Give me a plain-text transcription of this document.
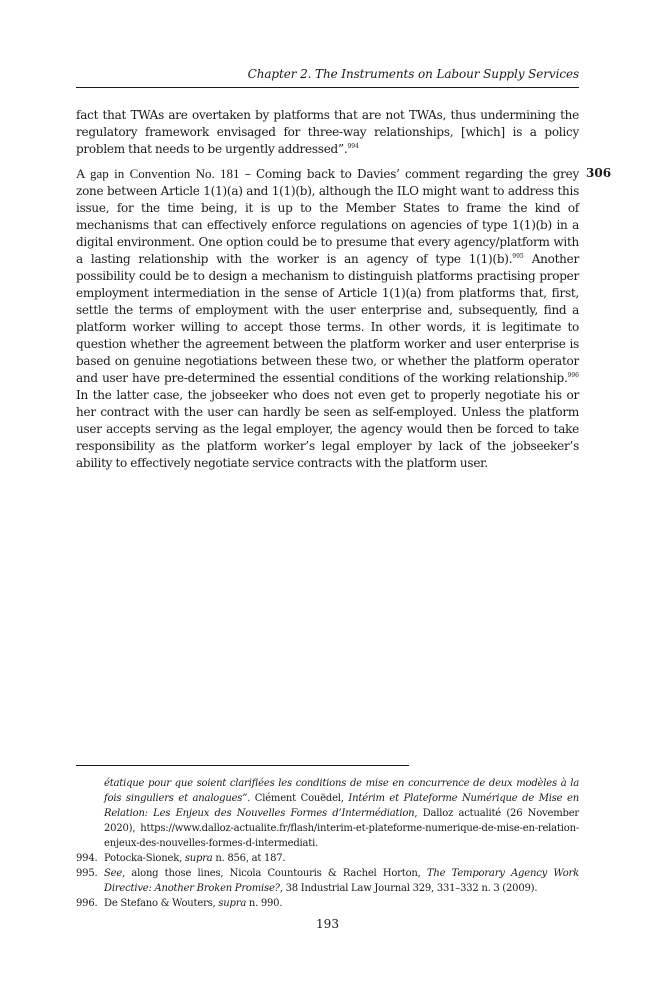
Chapter 2. The Instruments on Labour Supply Services
fact that TWAs are overtaken by platforms that are not TWAs, thus undermining the regulatory framework envisaged for three-way relationships, [which] is a policy problem that needs to be urgently addressed”.$^{994}$
306
A gap in Convention No. 181 – Coming back to Davies’ comment regarding the grey zone between Article 1(1)(a) and 1(1)(b), although the ILO might want to address this issue, for the time being, it is up to the Member States to frame the kind of mechanisms that can effectively enforce regulations on agencies of type 1(1)(b) in a digital environment. One option could be to presume that every agency/platform with a lasting relationship with the worker is an agency of type 1(1)(b).$^{995}$ Another possibility could be to design a mechanism to distinguish platforms practising proper employment intermediation in the sense of Article 1(1)(a) from platforms that, first, settle the terms of employment with the user enterprise and, subsequently, find a platform worker willing to accept those terms. In other words, it is legitimate to question whether the agreement between the platform worker and user enterprise is based on genuine negotiations between these two, or whether the platform operator and user have pre-determined the essential conditions of the working relationship.$^{996}$ In the latter case, the jobseeker who does not even get to properly negotiate his or her contract with the user can hardly be seen as self-employed. Unless the platform user accepts serving as the legal employer, the agency would then be forced to take responsibility as the platform worker’s legal employer by lack of the jobseeker’s ability to effectively negotiate service contracts with the platform user.
étatique pour que soient clarifiées les conditions de mise en concurrence de deux modèles à la fois singuliers et analogues”. Clément Couëdel, Intérim et Plateforme Numérique de Mise en Relation: Les Enjeux des Nouvelles Formes d’Intermédiation, Dalloz actualité (26 November 2020), https://www.dalloz-actualite.fr/flash/interim-et-plateforme-numerique-de-mise-en-relation-enjeux-des-nouvelles-formes-d-intermediati.
994. Potocka-Sionek, supra n. 856, at 187.
995. See, along those lines, Nicola Countouris & Rachel Horton, The Temporary Agency Work Directive: Another Broken Promise?, 38 Industrial Law Journal 329, 331–332 n. 3 (2009).
996. De Stefano & Wouters, supra n. 990.
193
